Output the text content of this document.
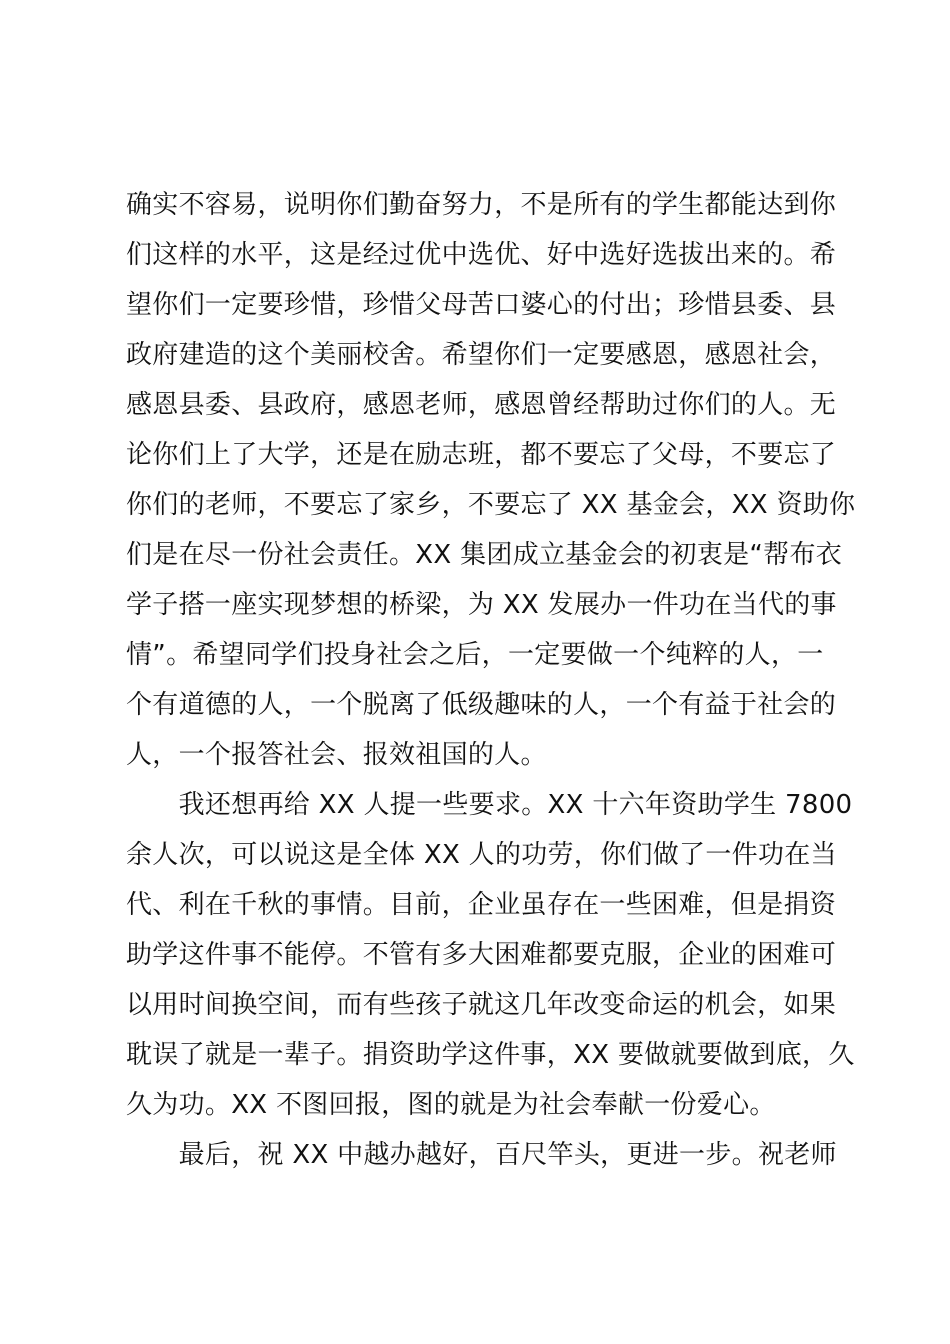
确实不容易，说明你们勤奋努力，不是所有的学生都能达到你
们这样的水平，这是经过优中选优、好中选好选拔出来的。希
望你们一定要珍惜，珍惜父母苦口婆心的付出；珍惜县委、县
政府建造的这个美丽校舍。希望你们一定要感恩，感恩社会，
感恩县委、县政府，感恩老师，感恩曾经帮助过你们的人。无
论你们上了大学，还是在励志班，都不要忘了父母，不要忘了
你们的老师，不要忘了家乡，不要忘了 XX 基金会，XX 资助你
们是在尽一份社会责任。XX 集团成立基金会的初衷是“帮布衣
学子搭一座实现梦想的桥梁，为 XX 发展办一件功在当代的事
情”。希望同学们投身社会之后，一定要做一个纯粹的人，一
个有道德的人，一个脱离了低级趣味的人，一个有益于社会的
人，一个报答社会、报效祖国的人。
　　我还想再给 XX 人提一些要求。XX 十六年资助学生 7800
余人次，可以说这是全体 XX 人的功劳，你们做了一件功在当
代、利在千秋的事情。目前，企业虽存在一些困难，但是捐资
助学这件事不能停。不管有多大困难都要克服，企业的困难可
以用时间换空间，而有些孩子就这几年改变命运的机会，如果
耽误了就是一辈子。捐资助学这件事，XX 要做就要做到底，久
久为功。XX 不图回报，图的就是为社会奉献一份爱心。
　　最后，祝 XX 中越办越好，百尺竿头，更进一步。祝老师
